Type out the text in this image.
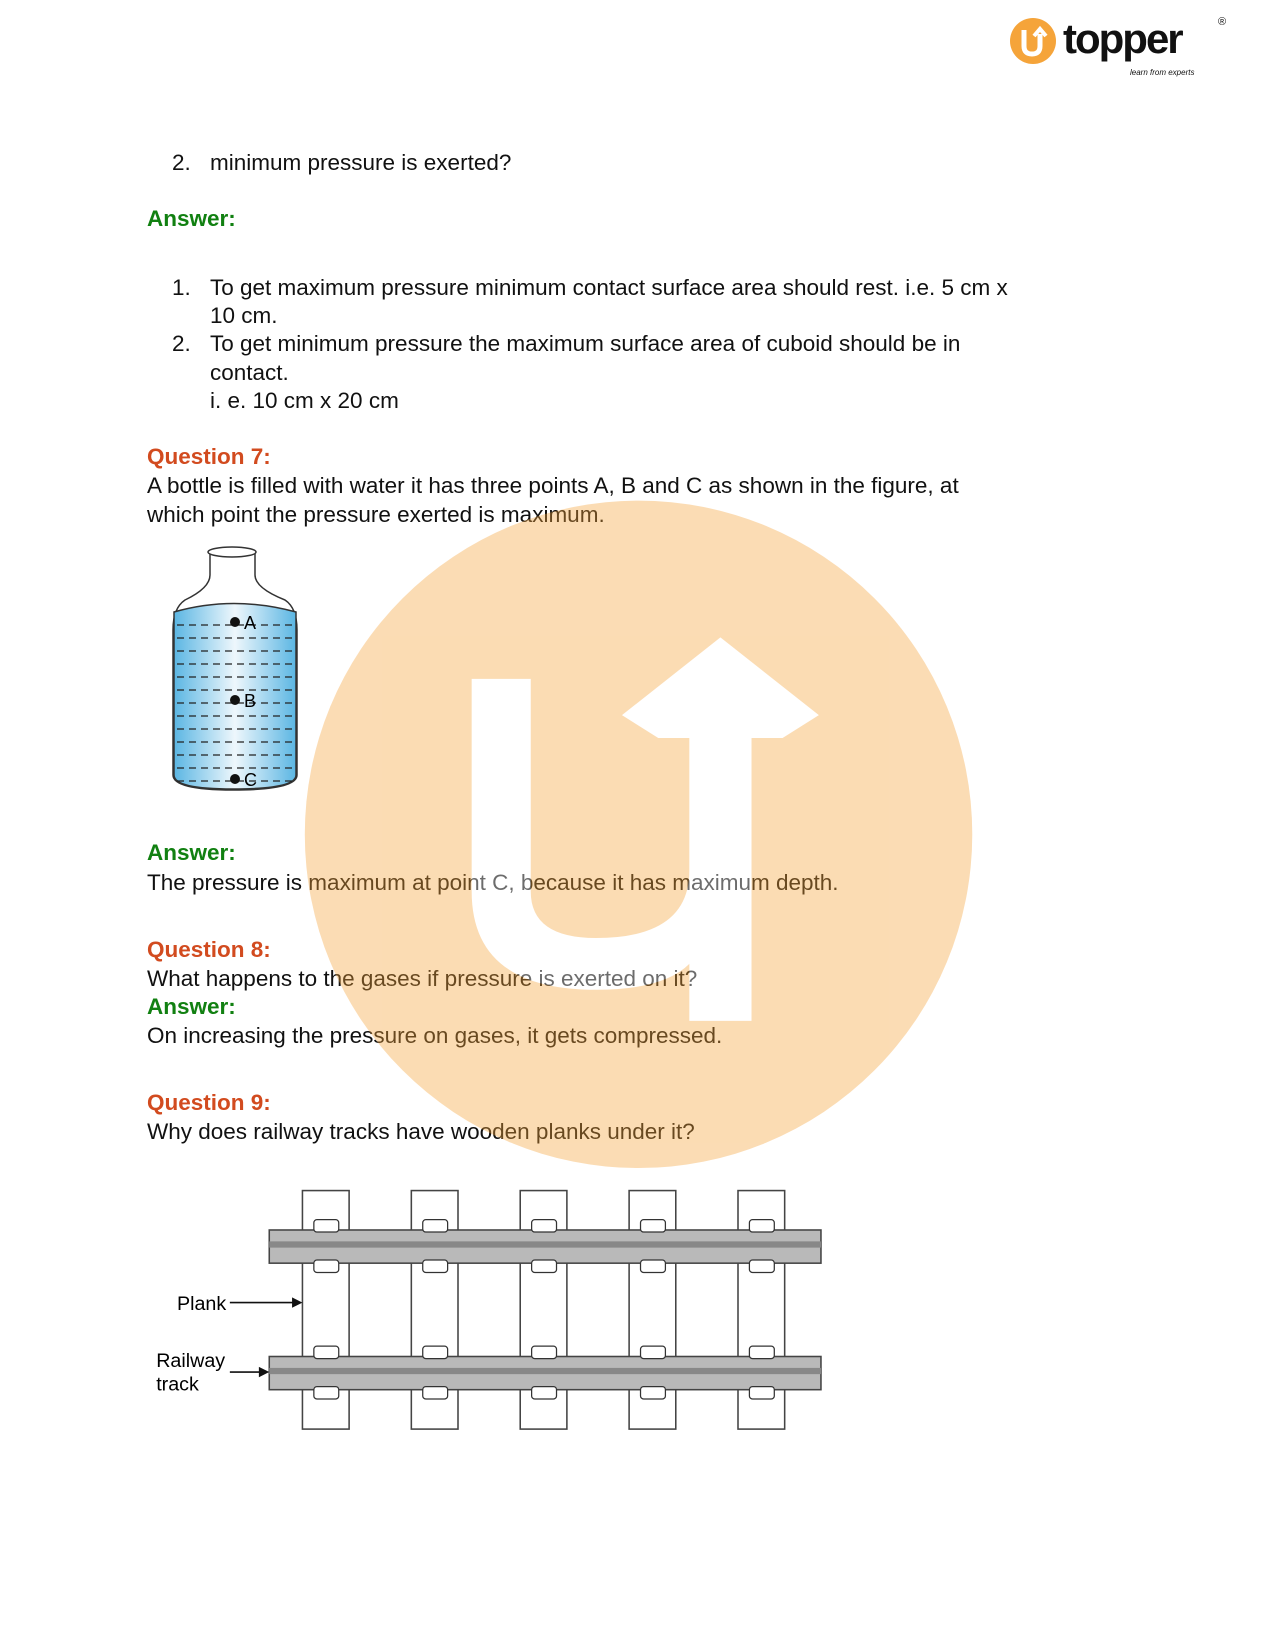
topper	®
learn from experts
2. minimum pressure is exerted?
Answer:
1. To get maximum pressure minimum contact surface area should rest. i.e. 5 cm x
10 cm.
2. To get minimum pressure the maximum surface area of cuboid should be in
contact.
i. e. 10 cm x 20 cm
Question 7:
A bottle is filled with water it has three points A, B and C as shown in the figure, at
which point the pressure exerted is maximum.
A
B
C
Answer:
The pressure is maximum at point C, because it has maximum depth.
Question 8:
What happens to the gases if pressure is exerted on it?
Answer:
On increasing the pressure on gases, it gets compressed.
Question 9:
Why does railway tracks have wooden planks under it?
Plank
Railway
track
